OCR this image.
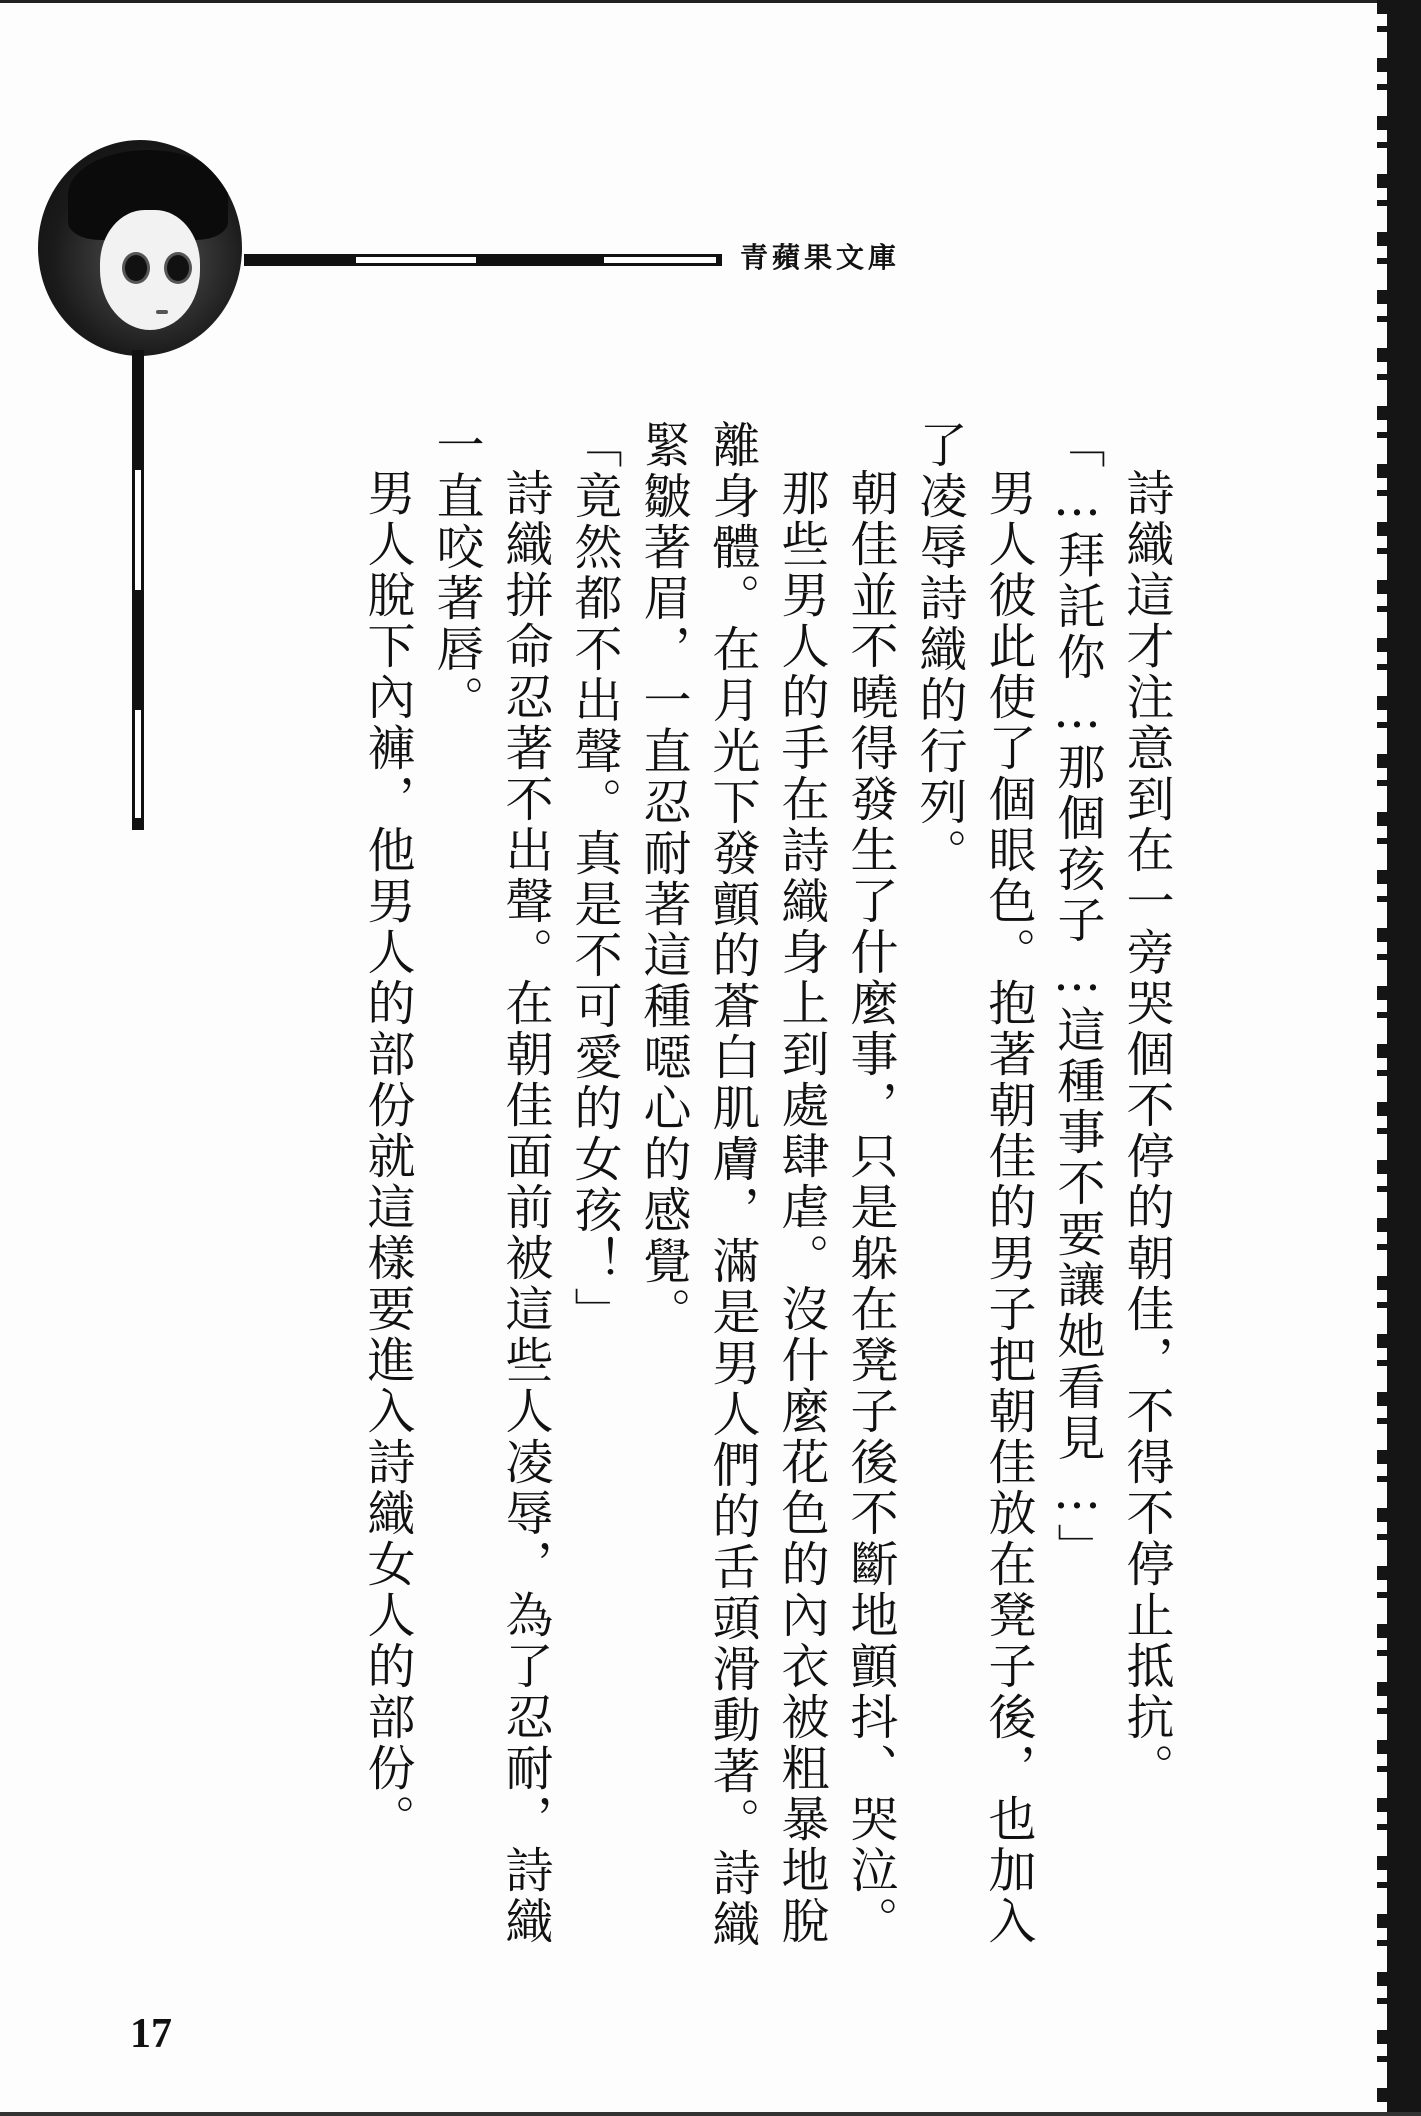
青蘋果文庫

詩織這才注意到在一旁哭個不停的朝佳，不得不停止抵抗。

「…拜託你…那個孩子…這種事不要讓她看見…」

男人彼此使了個眼色。抱著朝佳的男子把朝佳放在凳子後，也加入了凌辱詩織的行列。

朝佳並不曉得發生了什麼事，只是躲在凳子後不斷地顫抖、哭泣。

那些男人的手在詩織身上到處肆虐。沒什麼花色的內衣被粗暴地脫離身體。在月光下發顫的蒼白肌膚，滿是男人們的舌頭滑動著。詩織緊皺著眉，一直忍耐著這種噁心的感覺。

「竟然都不出聲。真是不可愛的女孩！」

詩織拼命忍著不出聲。在朝佳面前被這些人凌辱，為了忍耐，詩織一直咬著唇。

男人脫下內褲，他男人的部份就這樣要進入詩織女人的部份。

17
